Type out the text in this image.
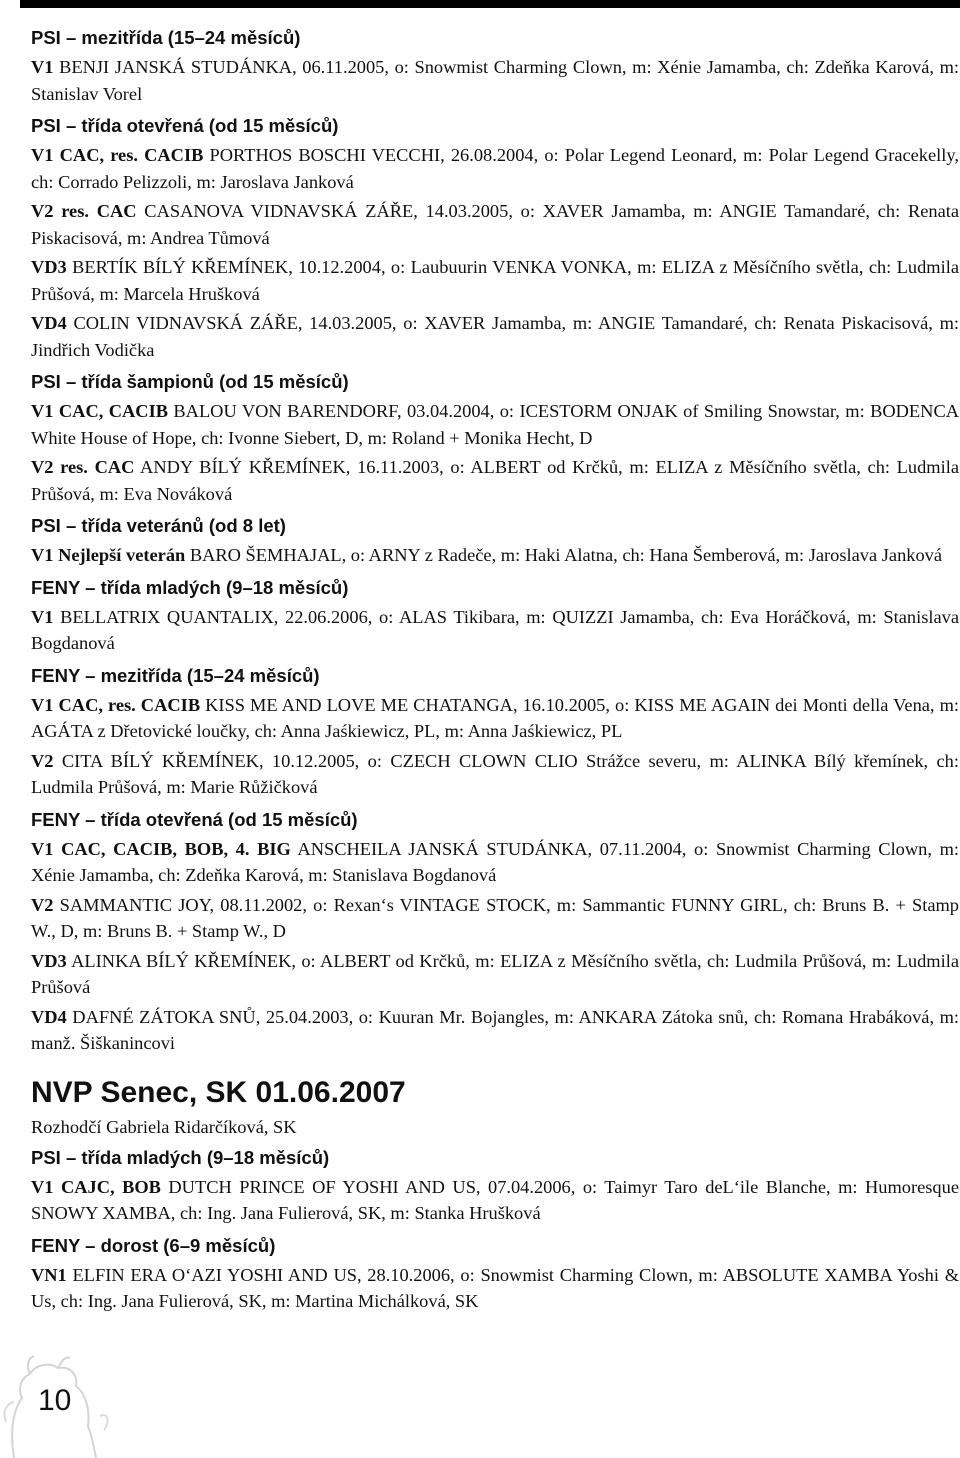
PSI – mezitřída (15–24 měsíců)
V1 BENJI JANSKÁ STUDÁNKA, 06.11.2005, o: Snowmist Charming Clown, m: Xénie Jamamba, ch: Zdeňka Karová, m: Stanislav Vorel
PSI – třída otevřená (od 15 měsíců)
V1 CAC, res. CACIB PORTHOS BOSCHI VECCHI, 26.08.2004, o: Polar Legend Leonard, m: Polar Legend Gracekelly, ch: Corrado Pelizzoli, m: Jaroslava Janková
V2 res. CAC CASANOVA VIDNAVSKÁ ZÁŘE, 14.03.2005, o: XAVER Jamamba, m: ANGIE Tamandaré, ch: Renata Piskacisová, m: Andrea Tůmová
VD3 BERTÍK BÍLÝ KŘEMÍNEK, 10.12.2004, o: Laubuurin VENKA VONKA, m: ELIZA z Měsíčního světla, ch: Ludmila Průšová, m: Marcela Hrušková
VD4 COLIN VIDNAVSKÁ ZÁŘE, 14.03.2005, o: XAVER Jamamba, m: ANGIE Tamandaré, ch: Renata Piskacisová, m: Jindřich Vodička
PSI – třída šampionů (od 15 měsíců)
V1 CAC, CACIB BALOU VON BARENDORF, 03.04.2004, o: ICESTORM ONJAK of Smiling Snowstar, m: BODENCA White House of Hope, ch: Ivonne Siebert, D, m: Roland + Monika Hecht, D
V2 res. CAC ANDY BÍLÝ KŘEMÍNEK, 16.11.2003, o: ALBERT od Krčků, m: ELIZA z Měsíčního světla, ch: Ludmila Průšová, m: Eva Nováková
PSI – třída veteránů (od 8 let)
V1 Nejlepší veterán BARO ŠEMHAJAL, o: ARNY z Radeče, m: Haki Alatna, ch: Hana Šemberová, m: Jaroslava Janková
FENY – třída mladých (9–18 měsíců)
V1 BELLATRIX QUANTALIX, 22.06.2006, o: ALAS Tikibara, m: QUIZZI Jamamba, ch: Eva Horáčková, m: Stanislava Bogdanová
FENY – mezitřída (15–24 měsíců)
V1 CAC, res. CACIB KISS ME AND LOVE ME CHATANGA, 16.10.2005, o: KISS ME AGAIN dei Monti della Vena, m: AGÁTA z Dřetovické loučky, ch: Anna Jaśkiewicz, PL, m: Anna Jaśkiewicz, PL
V2 CITA BÍLÝ KŘEMÍNEK, 10.12.2005, o: CZECH CLOWN CLIO Strážce severu, m: ALINKA Bílý křemínek, ch: Ludmila Průšová, m: Marie Růžičková
FENY – třída otevřená (od 15 měsíců)
V1 CAC, CACIB, BOB, 4. BIG ANSCHEILA JANSKÁ STUDÁNKA, 07.11.2004, o: Snowmist Charming Clown, m: Xénie Jamamba, ch: Zdeňka Karová, m: Stanislava Bogdanová
V2 SAMMANTIC JOY, 08.11.2002, o: Rexan‘s VINTAGE STOCK, m: Sammantic FUNNY GIRL, ch: Bruns B. + Stamp W., D, m: Bruns B. + Stamp W., D
VD3 ALINKA BÍLÝ KŘEMÍNEK, o: ALBERT od Krčků, m: ELIZA z Měsíčního světla, ch: Ludmila Průšová, m: Ludmila Průšová
VD4 DAFNÉ ZÁTOKA SNŮ, 25.04.2003, o: Kuuran Mr. Bojangles, m: ANKARA Zátoka snů, ch: Romana Hrabáková, m: manž. Šiškanincovi
NVP Senec, SK 01.06.2007
Rozhodčí Gabriela Ridarčíková, SK
PSI – třída mladých (9–18 měsíců)
V1 CAJC, BOB DUTCH PRINCE OF YOSHI AND US, 07.04.2006, o: Taimyr Taro deL‘ile Blanche, m: Humoresque SNOWY XAMBA, ch: Ing. Jana Fulierová, SK, m: Stanka Hrušková
FENY – dorost (6–9 měsíců)
VN1 ELFIN ERA O‘AZI YOSHI AND US, 28.10.2006, o: Snowmist Charming Clown, m: ABSOLUTE XAMBA Yoshi & Us, ch: Ing. Jana Fulierová, SK, m: Martina Michálková, SK
10
